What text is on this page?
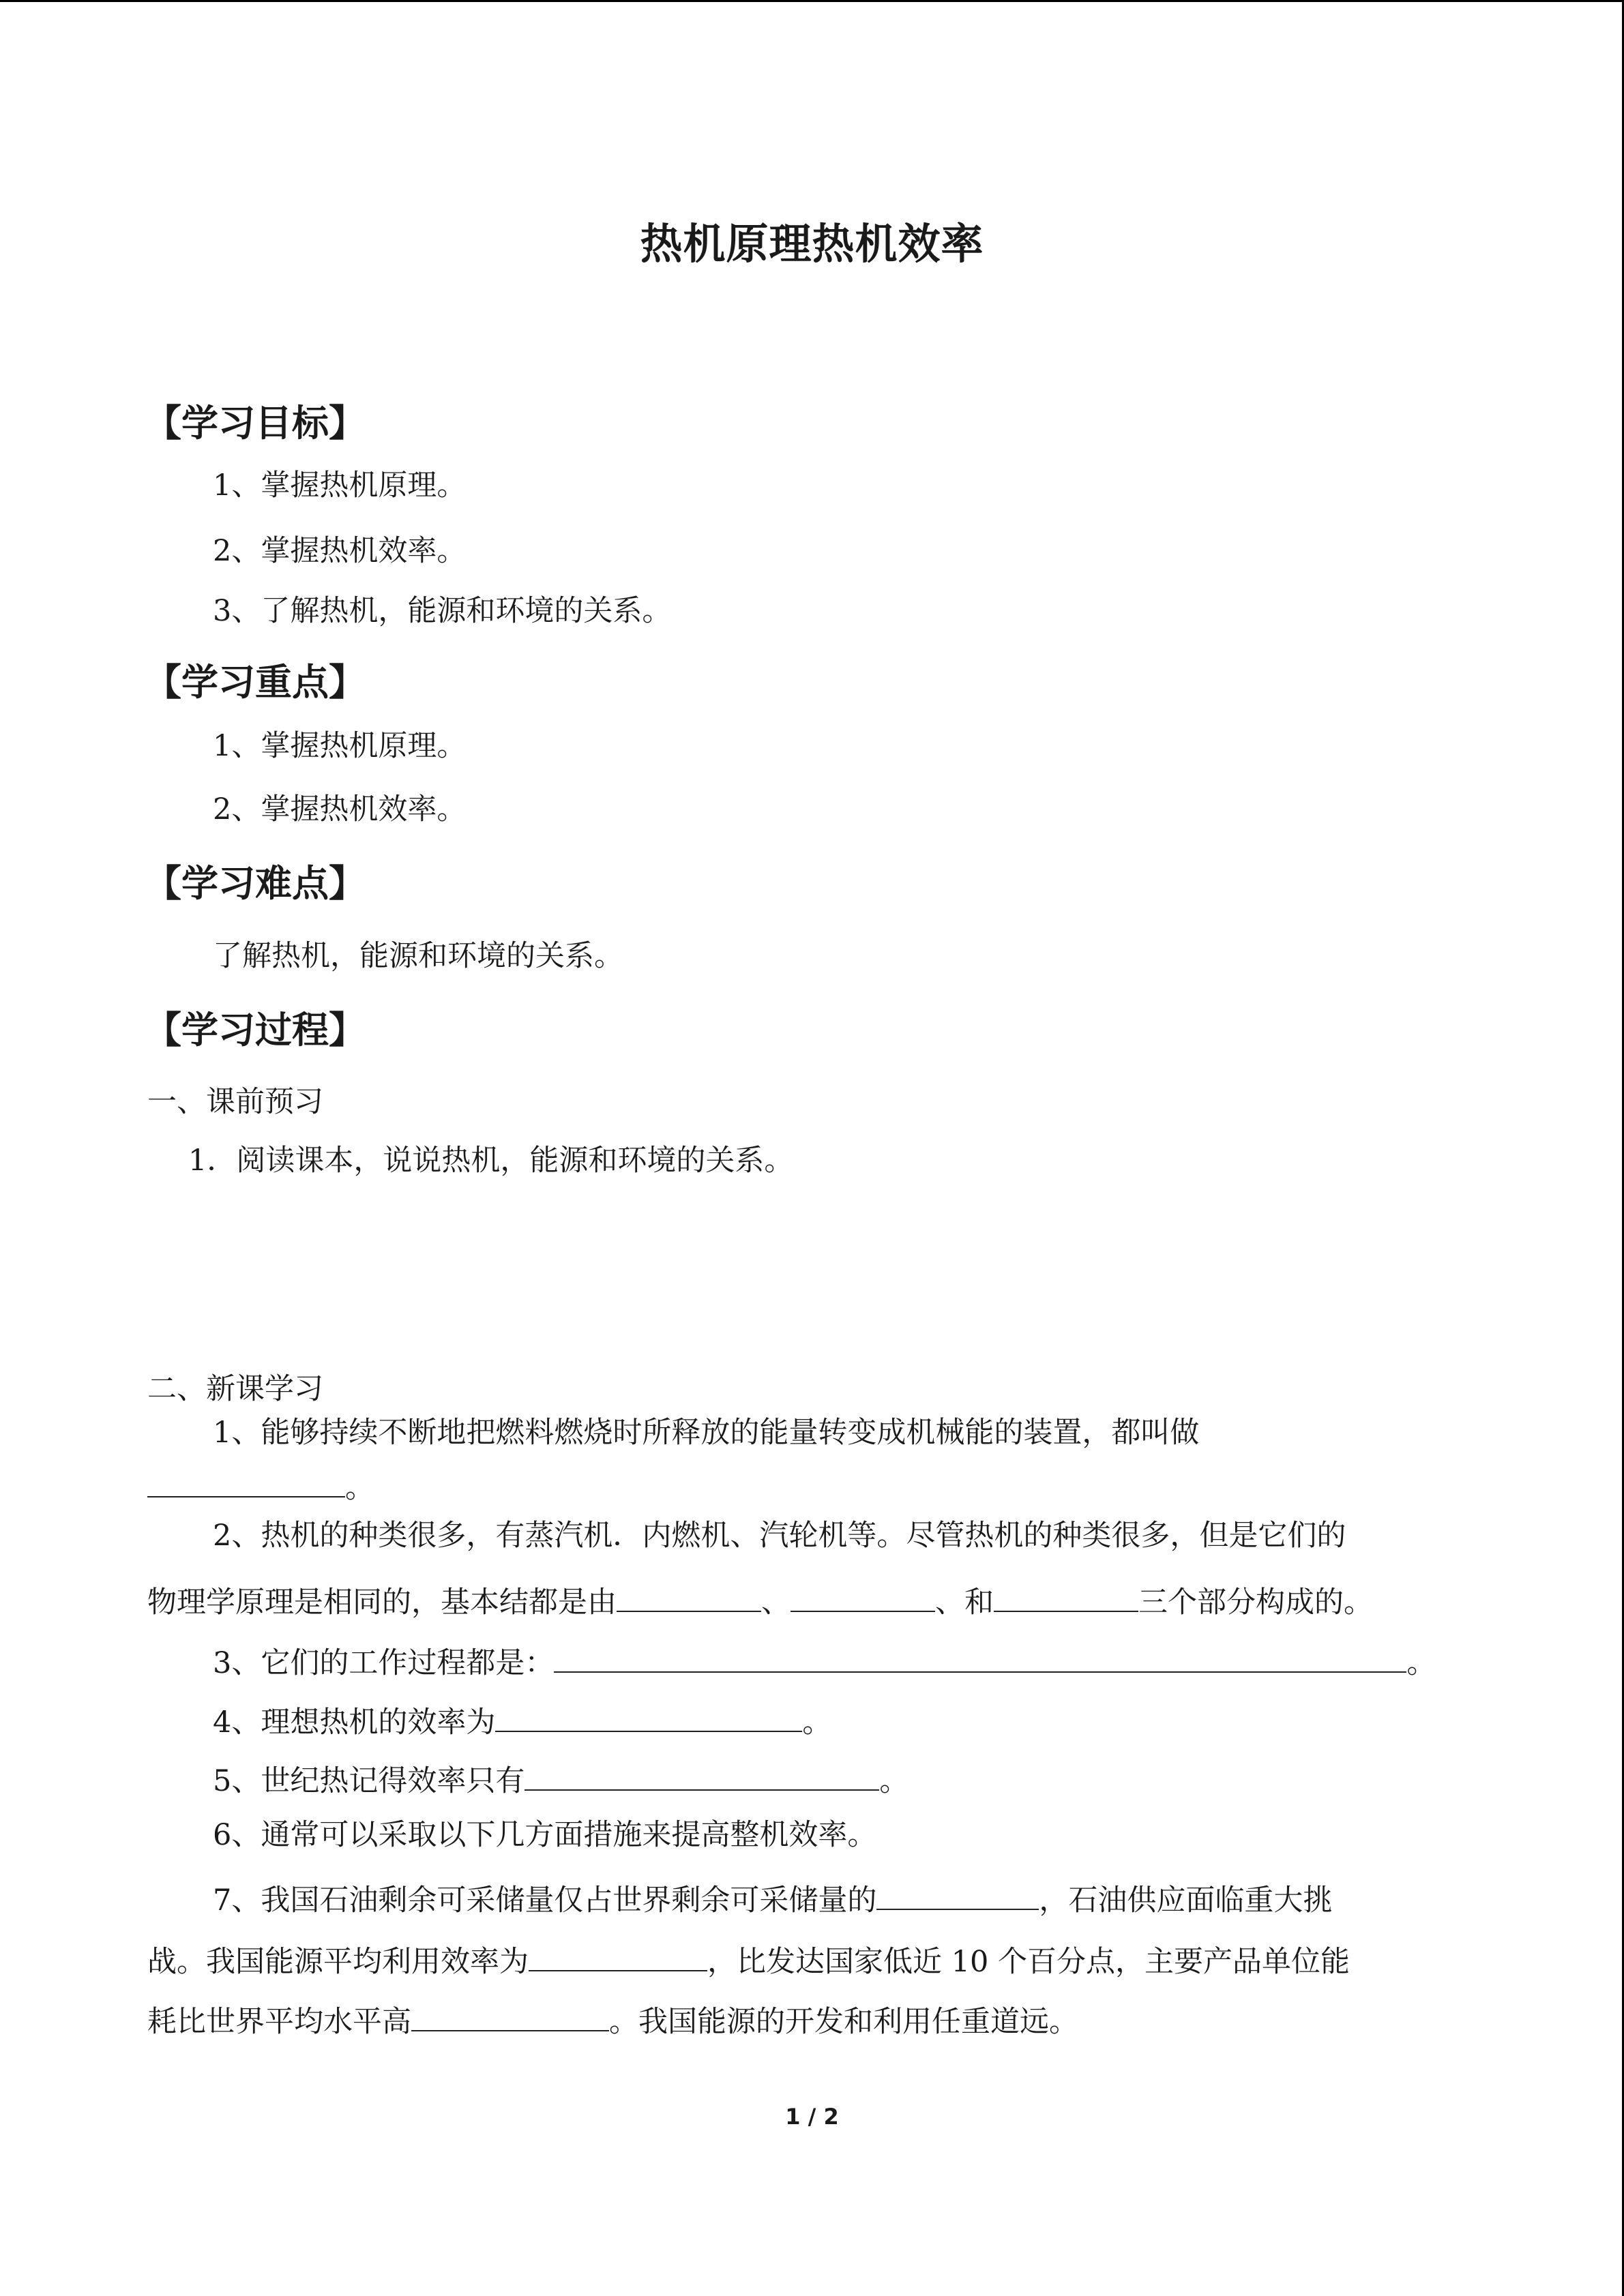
热机原理热机效率
【学习目标】
1、掌握热机原理。
2、掌握热机效率。
3、了解热机，能源和环境的关系。
【学习重点】
1、掌握热机原理。
2、掌握热机效率。
【学习难点】
了解热机，能源和环境的关系。
【学习过程】
一、课前预习
1．阅读课本，说说热机，能源和环境的关系。
二、新课学习
1、能够持续不断地把燃料燃烧时所释放的能量转变成机械能的装置，都叫做
。
2、热机的种类很多，有蒸汽机．内燃机、汽轮机等。尽管热机的种类很多，但是它们的
物理学原理是相同的，基本结都是由	、	、和	三个部分构成的。
3、它们的工作过程都是：	。
4、理想热机的效率为	。
5、世纪热记得效率只有	。
6、通常可以采取以下几方面措施来提高整机效率。
7、我国石油剩余可采储量仅占世界剩余可采储量的	，石油供应面临重大挑
战。我国能源平均利用效率为	，比发达国家低近 10 个百分点，主要产品单位能
耗比世界平均水平高	。我国能源的开发和利用任重道远。
1 / 2
